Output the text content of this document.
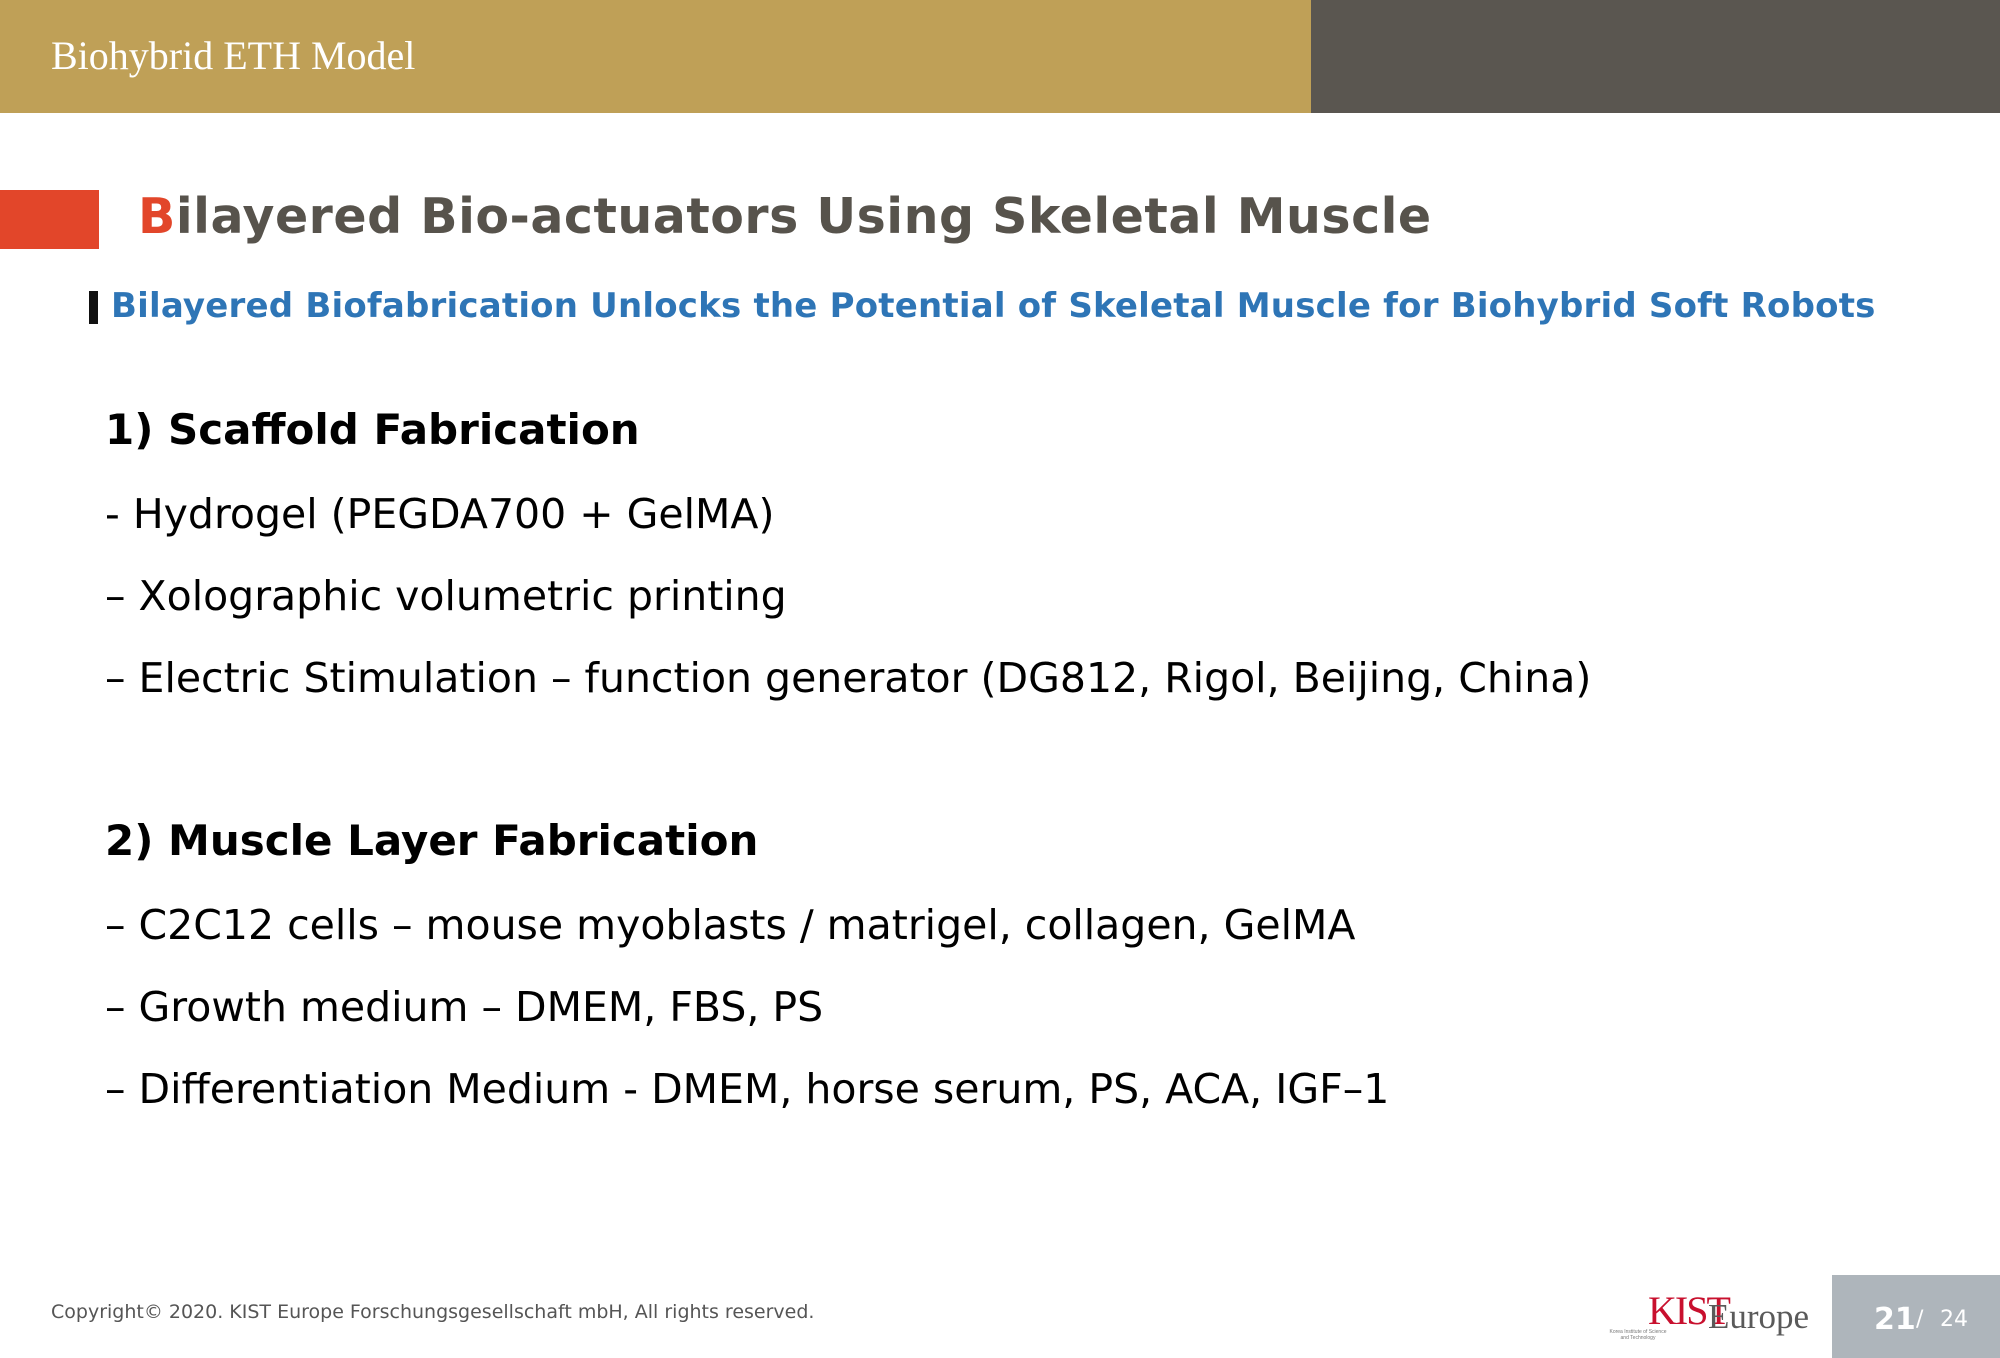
Biohybrid ETH Model
Bilayered Bio-actuators Using Skeletal Muscle
Bilayered Biofabrication Unlocks the Potential of Skeletal Muscle for Biohybrid Soft Robots
1) Scaffold Fabrication
- Hydrogel (PEGDA700 + GelMA)
– Xolographic volumetric printing
– Electric Stimulation – function generator (DG812, Rigol, Beijing, China)
2) Muscle Layer Fabrication
– C2C12 cells – mouse myoblasts / matrigel, collagen, GelMA
– Growth medium – DMEM, FBS, PS
– Differentiation Medium - DMEM, horse serum, PS, ACA, IGF–1
Copyright© 2020. KIST Europe Forschungsgesellschaft mbH, All rights reserved.	KIST
Korea Institute of Science and Technology
Europe 21 / 24
